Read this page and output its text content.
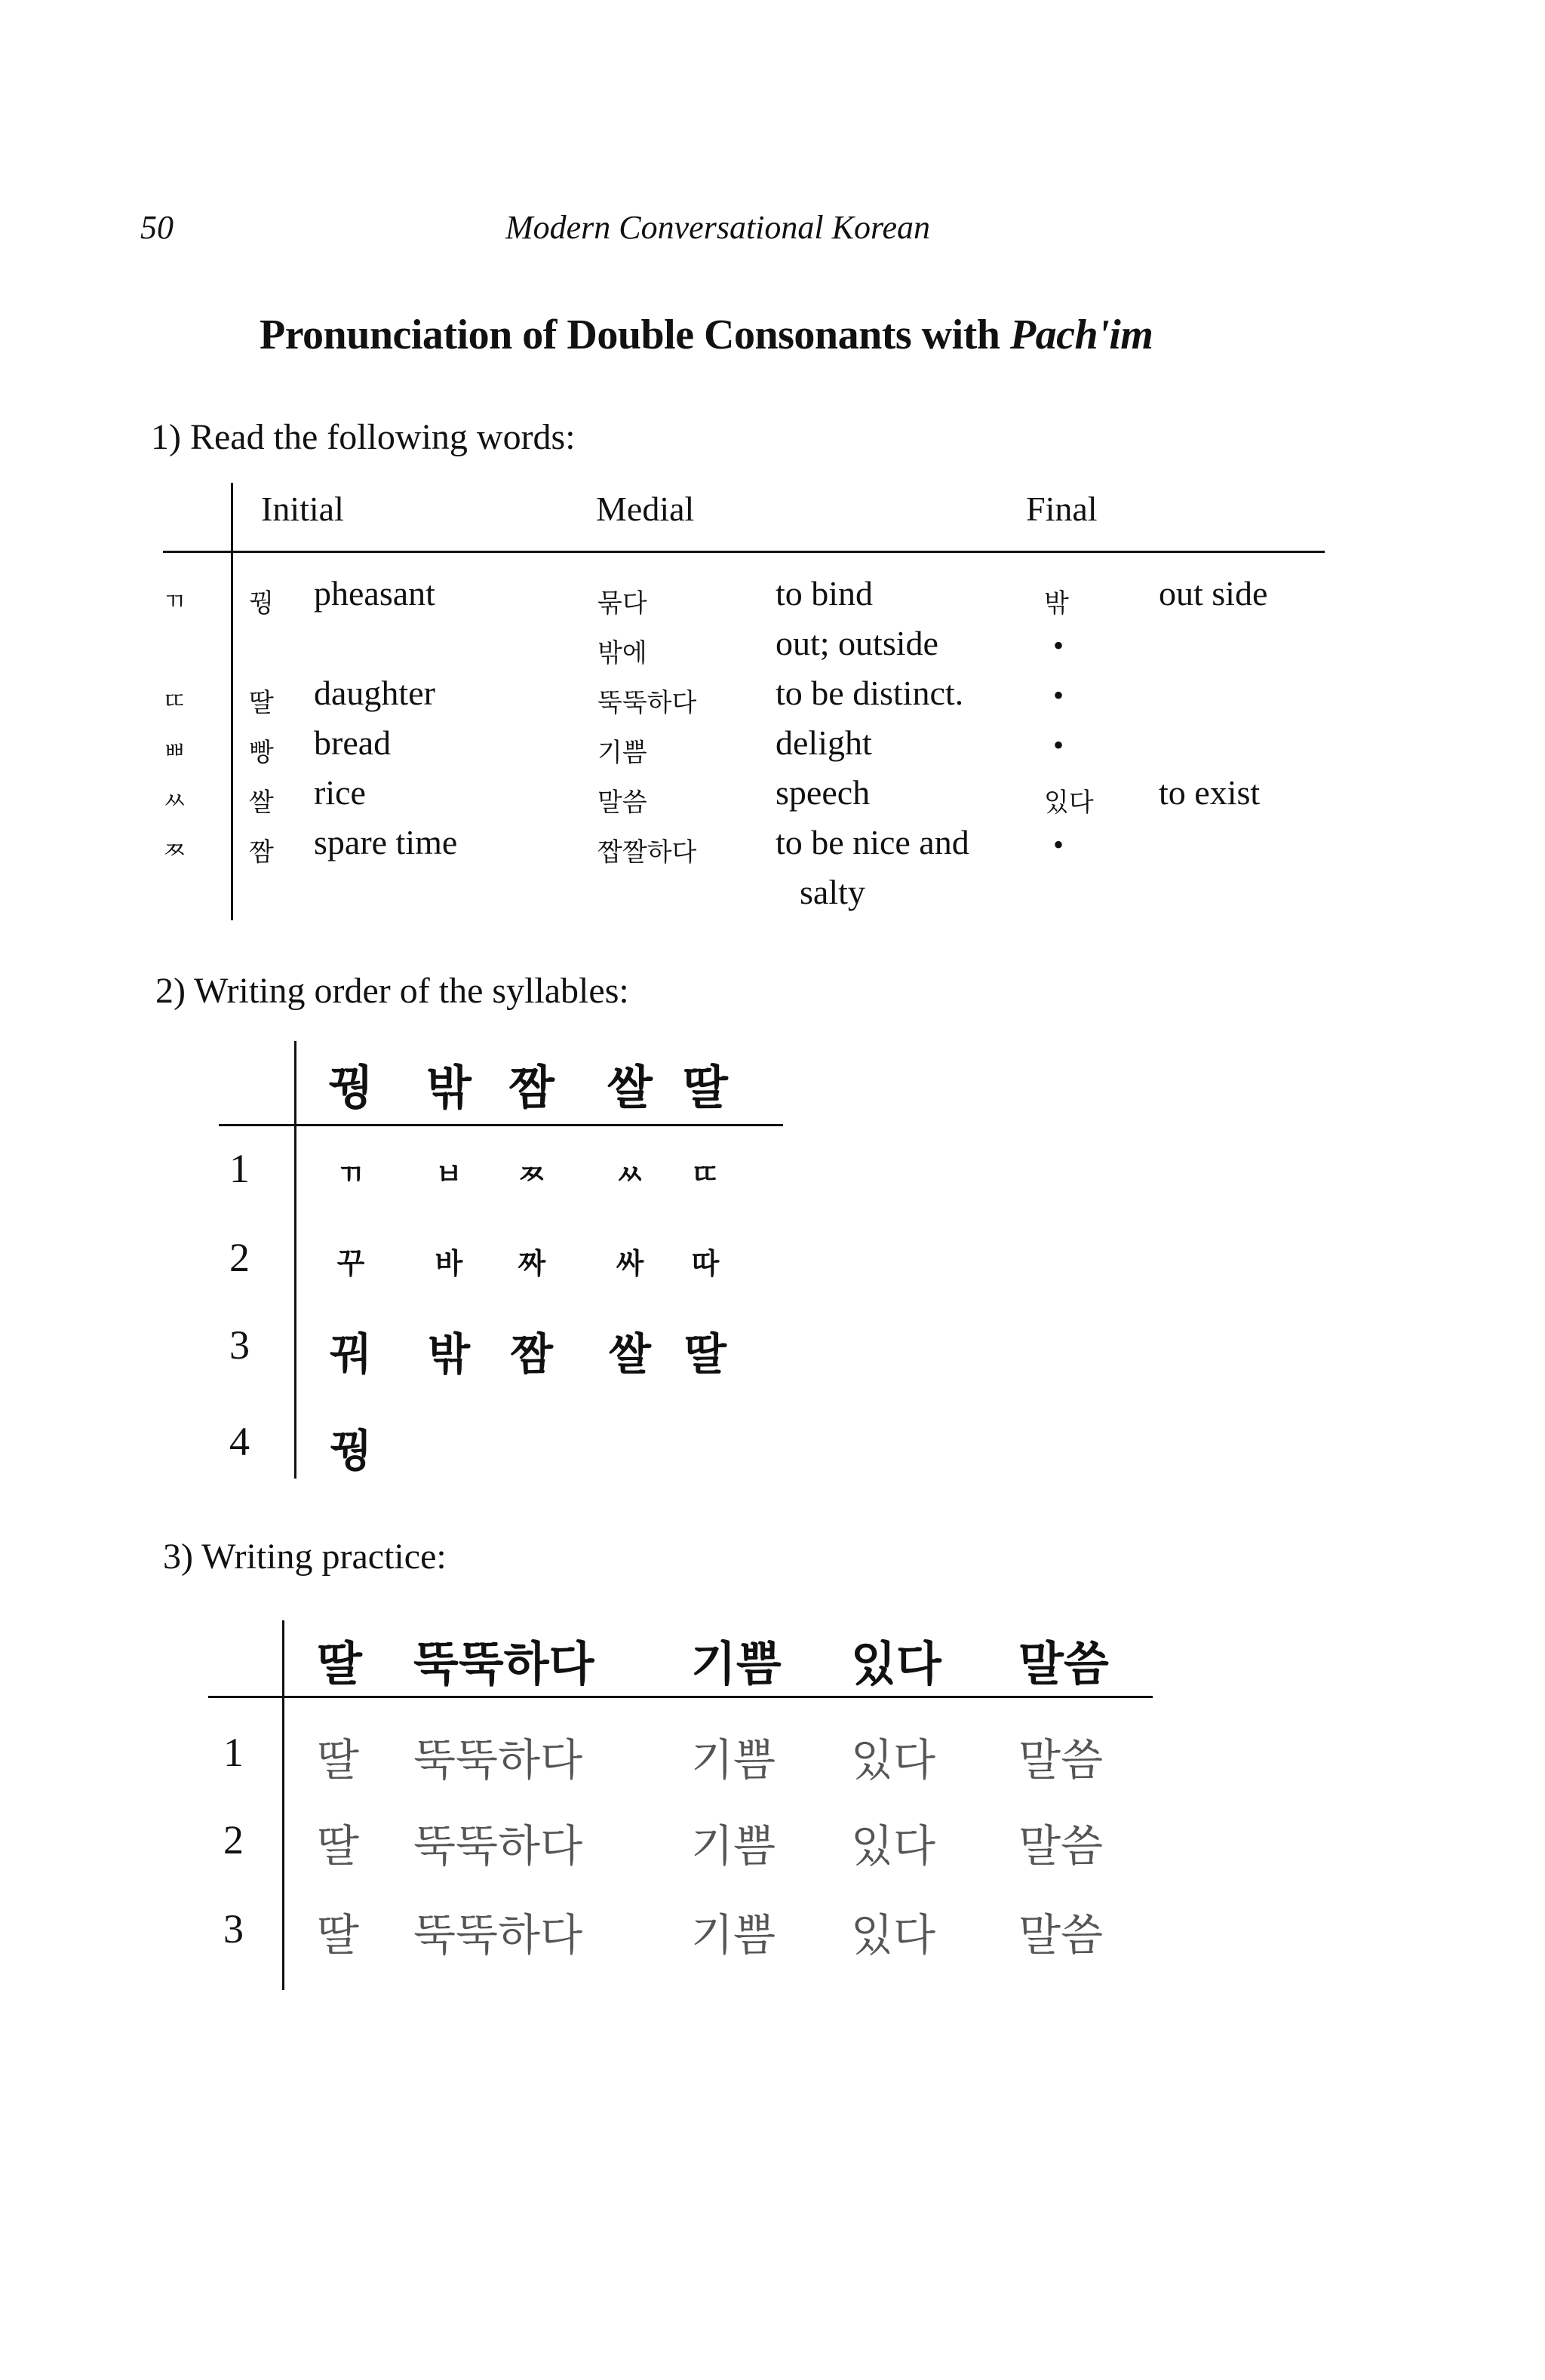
50	Modern Conversational Korean
Pronunciation of Double Consonants with Pach'im
1) Read the following words:
Initial	Medial	Final
ㄲ 꿩 pheasant	묶다	to bind	밖	out side
밖에	out; outside	•
ㄸ 딸 daughter	뚝뚝하다 to be distinct.	•
ㅃ 빵 bread	기쁨	delight	•
ㅆ 쌀 rice	말씀	speech	있다 to exist
ㅉ 짬 spare time	짭짤하다 to be nice and	•
salty
2) Writing order of the syllables:
꿩	밖 짬	쌀 딸
1	ㄲ	ㅂ	ㅉ	ㅆ	ㄸ
2	꾸	바	짜	싸	따
3	꿔	밖 짬	쌀 딸
4	꿩
3) Writing practice:
딸 뚝뚝하다 기쁨 있다 말씀
1 딸 뚝뚝하다 기쁨 있다 말씀
2 딸 뚝뚝하다 기쁨 있다 말씀
3 딸 뚝뚝하다 기쁨 있다 말씀
